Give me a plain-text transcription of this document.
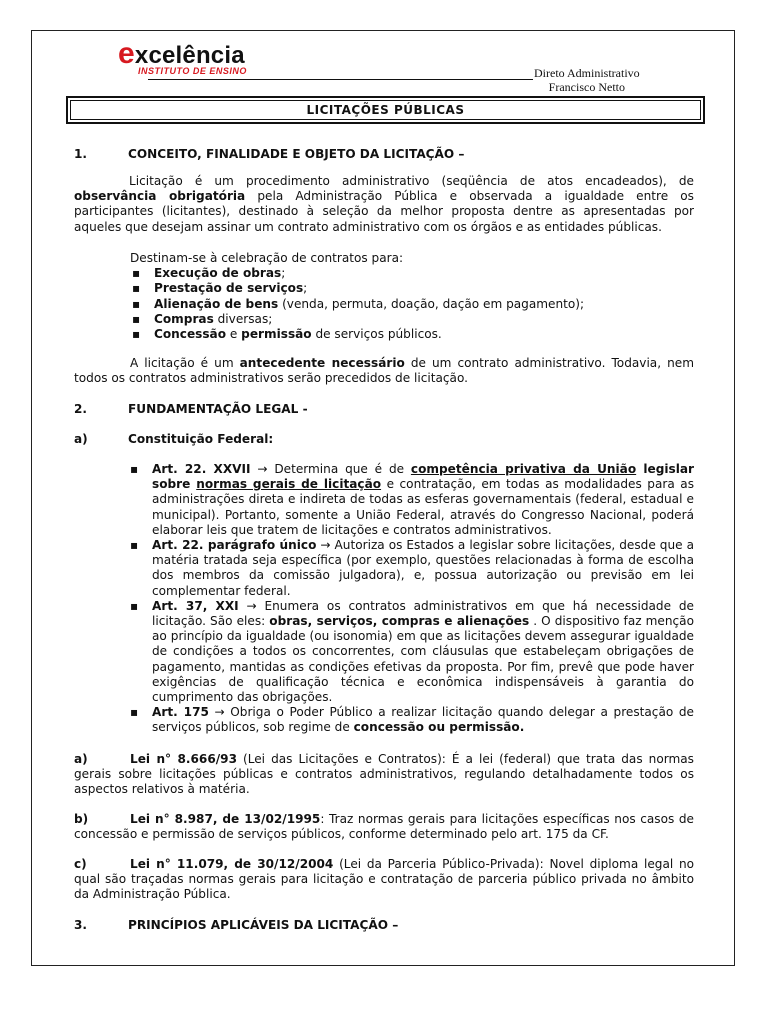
excelência
INSTITUTO DE ENSINO	Direto Administrativo
Francisco Netto
LICITAÇÕES PÚBLICAS
1.	CONCEITO, FINALIDADE E OBJETO DA LICITAÇÃO –

Licitação é um procedimento administrativo (seqüência de atos encadeados), de observância obrigatória pela Administração Pública e observada a igualdade entre os participantes (licitantes), destinado à seleção da melhor proposta dentre as apresentadas por aqueles que desejam assinar um contrato administrativo com os órgãos e as entidades públicas.

Destinam-se à celebração de contratos para:

▪ Execução de obras;
▪ Prestação de serviços;
▪ Alienação de bens (venda, permuta, doação, dação em pagamento);
▪ Compras diversas;
▪ Concessão e permissão de serviços públicos.

A licitação é um antecedente necessário de um contrato administrativo. Todavia, nem todos os contratos administrativos serão precedidos de licitação.

2.	FUNDAMENTAÇÃO LEGAL -
a)	Constituição Federal:
▪ Art. 22. XXVII → Determina que é de competência privativa da União legislar sobre normas gerais de licitação e contratação, em todas as modalidades para as administrações direta e indireta de todas as esferas governamentais (federal, estadual e municipal). Portanto, somente a União Federal, através do Congresso Nacional, poderá elaborar leis que tratem de licitações e contratos administrativos.
▪ Art. 22. parágrafo único → Autoriza os Estados a legislar sobre licitações, desde que a matéria tratada seja específica (por exemplo, questões relacionadas à forma de escolha dos membros da comissão julgadora), e, possua autorização ou previsão em lei complementar federal.
▪ Art. 37, XXI → Enumera os contratos administrativos em que há necessidade de licitação. São eles: obras, serviços, compras e alienações . O dispositivo faz menção ao princípio da igualdade (ou isonomia) em que as licitações devem assegurar igualdade de condições a todos os concorrentes, com cláusulas que estabeleçam obrigações de pagamento, mantidas as condições efetivas da proposta. Por fim, prevê que pode haver exigências de qualificação técnica e econômica indispensáveis à garantia do cumprimento das obrigações.
▪ Art. 175 → Obriga o Poder Público a realizar licitação quando delegar a prestação de serviços públicos, sob regime de concessão ou permissão.

a)	Lei n° 8.666/93 (Lei das Licitações e Contratos): É a lei (federal) que trata das normas gerais sobre licitações públicas e contratos administrativos, regulando detalhadamente todos os aspectos relativos à matéria.

b)	Lei n° 8.987, de 13/02/1995: Traz normas gerais para licitações específicas nos casos de concessão e permissão de serviços públicos, conforme determinado pelo art. 175 da CF.

c)	Lei n° 11.079, de 30/12/2004 (Lei da Parceria Público-Privada): Novel diploma legal no qual são traçadas normas gerais para licitação e contratação de parceria público privada no âmbito da Administração Pública.

3.	PRINCÍPIOS APLICÁVEIS DA LICITAÇÃO –
